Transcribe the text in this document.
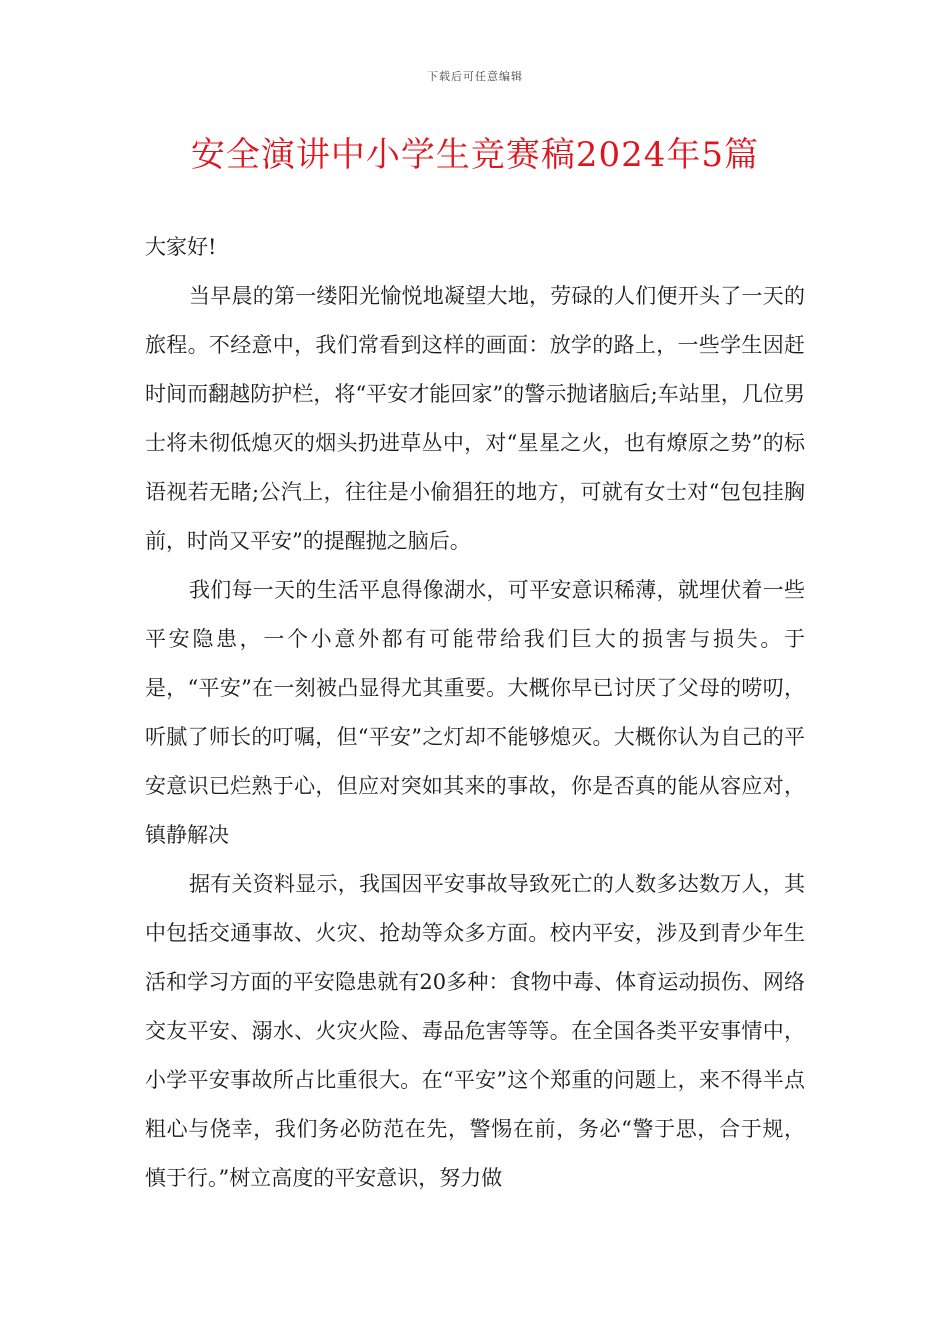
下载后可任意编辑
安全演讲中小学生竞赛稿2024年5篇

大家好!

当早晨的第一缕阳光愉悦地凝望大地，劳碌的人们便开头了一天的旅程。不经意中，我们常看到这样的画面：放学的路上，一些学生因赶时间而翻越防护栏，将“平安才能回家”的警示抛诸脑后;车站里，几位男士将未彻低熄灭的烟头扔进草丛中，对“星星之火，也有燎原之势”的标语视若无睹;公汽上，往往是小偷猖狂的地方，可就有女士对“包包挂胸前，时尚又平安”的提醒抛之脑后。

我们每一天的生活平息得像湖水，可平安意识稀薄，就埋伏着一些平安隐患，一个小意外都有可能带给我们巨大的损害与损失。于是，“平安”在一刻被凸显得尤其重要。大概你早已讨厌了父母的唠叨，听腻了师长的叮嘱，但“平安”之灯却不能够熄灭。大概你认为自己的平安意识已烂熟于心，但应对突如其来的事故，你是否真的能从容应对，镇静解决

据有关资料显示，我国因平安事故导致死亡的人数多达数万人，其中包括交通事故、火灾、抢劫等众多方面。校内平安，涉及到青少年生活和学习方面的平安隐患就有20多种：食物中毒、体育运动损伤、网络交友平安、溺水、火灾火险、毒品危害等等。在全国各类平安事情中，小学平安事故所占比重很大。在“平安”这个郑重的问题上，来不得半点粗心与侥幸，我们务必防范在先，警惕在前，务必“警于思，合于规，慎于行。”树立高度的平安意识，努力做
